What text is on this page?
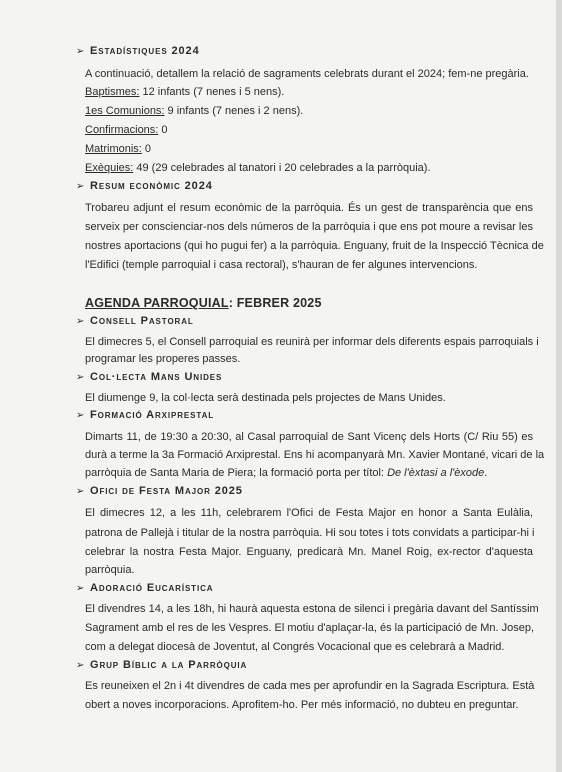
➢ Estadístiques 2024
A continuació, detallem la relació de sagraments celebrats durant el 2024; fem-ne pregària.
Baptismes: 12 infants (7 nenes i 5 nens).
1es Comunions: 9 infants (7 nenes i 2 nens).
Confirmacions: 0
Matrimonis: 0
Exèquies: 49 (29 celebrades al tanatori i 20 celebrades a la parròquia).
➢ Resum econòmic 2024
Trobareu adjunt el resum econòmic de la parròquia. És un gest de transparència que ens
serveix per conscienciar-nos dels números de la parròquia i que ens pot moure a revisar les
nostres aportacions (qui ho pugui fer) a la parròquia. Enguany, fruit de la Inspecció Tècnica de
l'Edifici (temple parroquial i casa rectoral), s'hauran de fer algunes intervencions.
AGENDA PARROQUIAL: FEBRER 2025
➢ Consell Pastoral
El dimecres 5, el Consell parroquial es reunirà per informar dels diferents espais parroquials i
programar les properes passes.
➢ Col·lecta Mans Unides
El diumenge 9, la col·lecta serà destinada pels projectes de Mans Unides.
➢ Formació Arxiprestal
Dimarts 11, de 19:30 a 20:30, al Casal parroquial de Sant Vicenç dels Horts (C/ Riu 55) es
durà a terme la 3a Formació Arxiprestal. Ens hi acompanyarà Mn. Xavier Montané, vicari de la
parròquia de Santa Maria de Piera; la formació porta per títol: De l'èxtasi a l'èxode.
➢ Ofici de Festa Major 2025
El dimecres 12, a les 11h, celebrarem l'Ofici de Festa Major en honor a Santa Eulàlia,
patrona de Pallejà i titular de la nostra parròquia. Hi sou totes i tots convidats a participar-hi i
celebrar la nostra Festa Major. Enguany, predicarà Mn. Manel Roig, ex-rector d'aquesta
parròquia.
➢ Adoració Eucarística
El divendres 14, a les 18h, hi haurà aquesta estona de silenci i pregària davant del Santíssim
Sagrament amb el res de les Vespres. El motiu d'aplaçar-la, és la participació de Mn. Josep,
com a delegat diocesà de Joventut, al Congrés Vocacional que es celebrarà a Madrid.
➢ Grup Bíblic a la Parròquia
Es reuneixen el 2n i 4t divendres de cada mes per aprofundir en la Sagrada Escriptura. Està
obert a noves incorporacions. Aprofitem-ho. Per més informació, no dubteu en preguntar.
